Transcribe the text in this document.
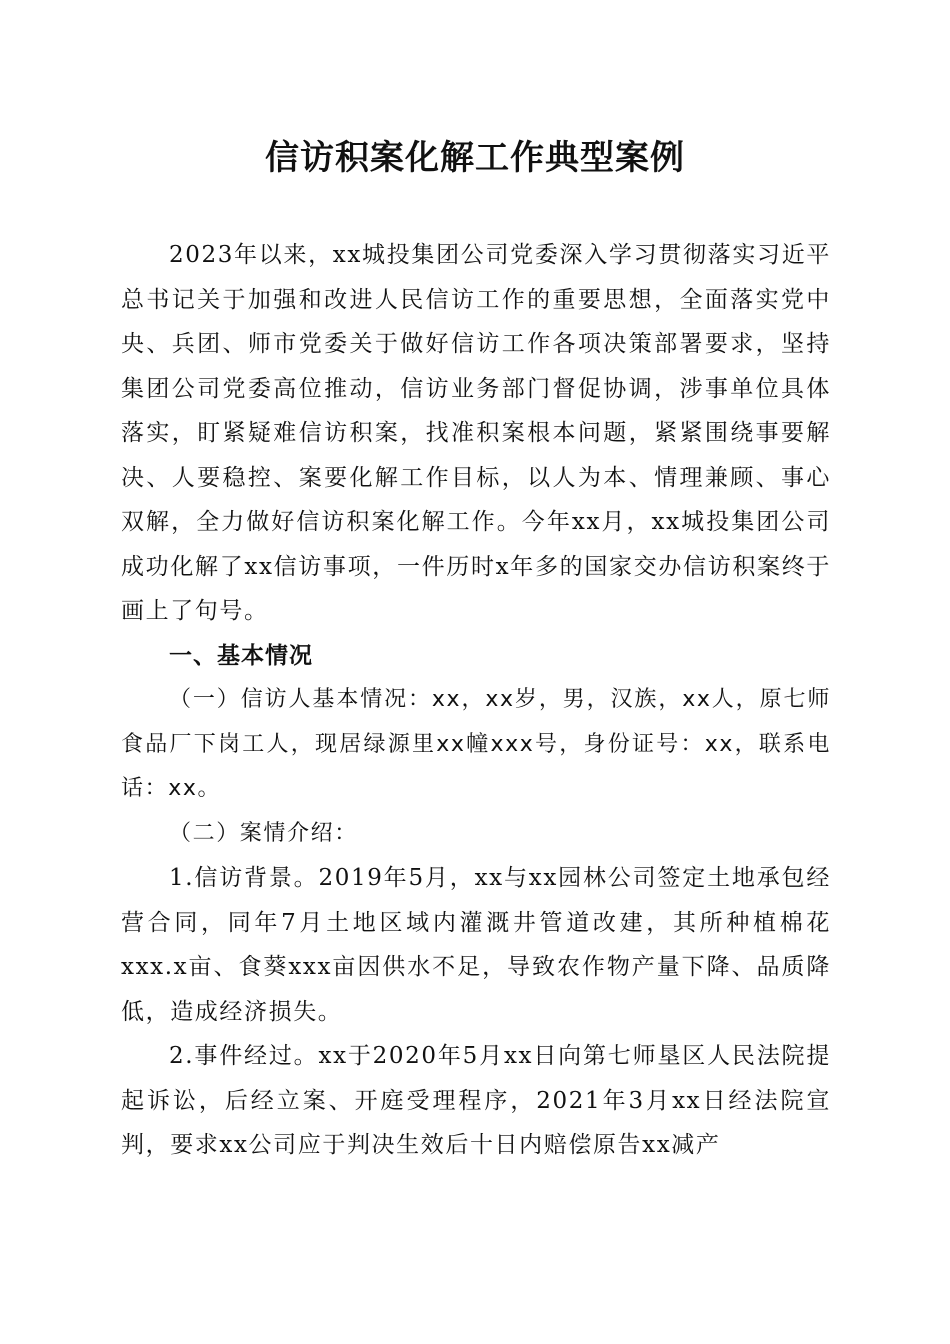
信访积案化解工作典型案例

2023年以来，xx城投集团公司党委深入学习贯彻落实习近平总书记关于加强和改进人民信访工作的重要思想，全面落实党中央、兵团、师市党委关于做好信访工作各项决策部署要求，坚持集团公司党委高位推动，信访业务部门督促协调，涉事单位具体落实，盯紧疑难信访积案，找准积案根本问题，紧紧围绕事要解决、人要稳控、案要化解工作目标，以人为本、情理兼顾、事心双解，全力做好信访积案化解工作。今年xx月，xx城投集团公司成功化解了xx信访事项，一件历时x年多的国家交办信访积案终于画上了句号。

一、基本情况

（一）信访人基本情况：xx，xx岁，男，汉族，xx人，原七师食品厂下岗工人，现居绿源里xx幢xxx号，身份证号：xx，联系电话：xx。

（二）案情介绍：

1.信访背景。2019年5月，xx与xx园林公司签定土地承包经营合同，同年7月土地区域内灌溉井管道改建，其所种植棉花xxx.x亩、食葵xxx亩因供水不足，导致农作物产量下降、品质降低，造成经济损失。

2.事件经过。xx于2020年5月xx日向第七师垦区人民法院提起诉讼，后经立案、开庭受理程序，2021年3月xx日经法院宣判，要求xx公司应于判决生效后十日内赔偿原告xx减产
